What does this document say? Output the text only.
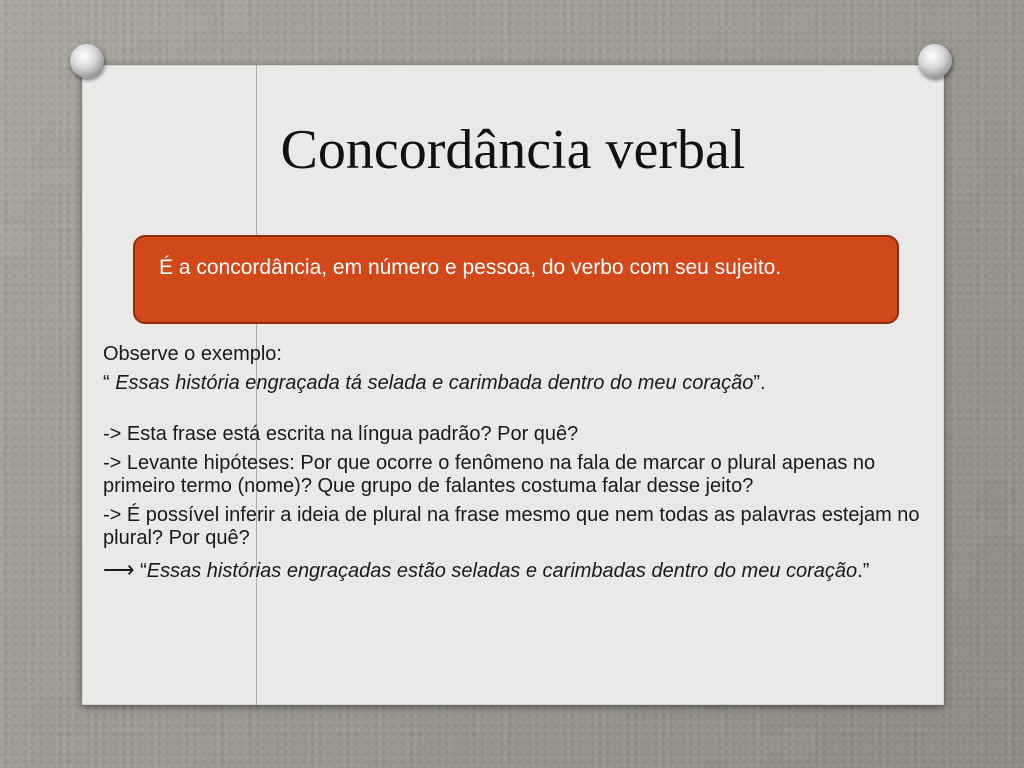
Concordância verbal
É a concordância, em número e pessoa, do verbo com seu sujeito.

Observe o exemplo:

“ Essas história engraçada tá selada e carimbada dentro do meu coração”.

-> Esta frase está escrita na língua padrão? Por quê?

-> Levante hipóteses: Por que ocorre o fenômeno na fala de marcar o plural apenas no primeiro termo (nome)? Que grupo de falantes costuma falar desse jeito?

-> É possível inferir a ideia de plural na frase mesmo que nem todas as palavras estejam no plural? Por quê?

⟶ “Essas histórias engraçadas estão seladas e carimbadas dentro do meu coração.”
